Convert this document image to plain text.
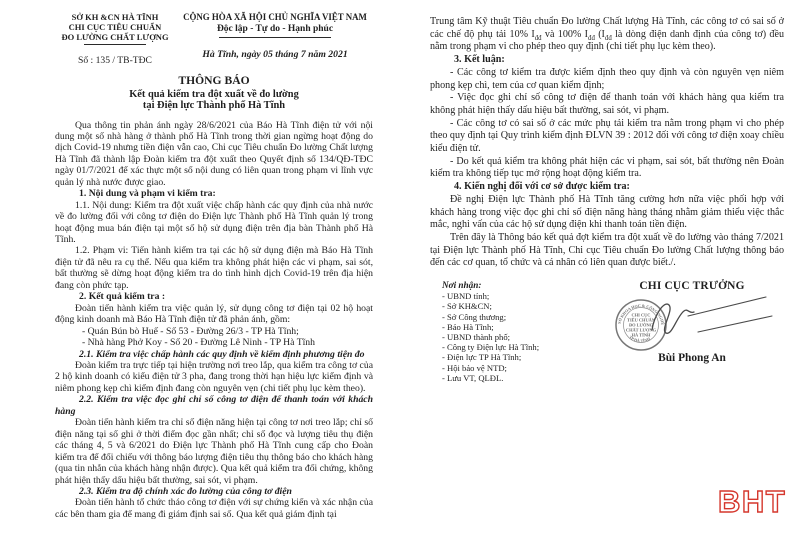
SỞ KH &CN HÀ TĨNH
CHI CỤC TIÊU CHUẨN
ĐO LƯỜNG CHẤT LƯỢNG
Số : 135 / TB-TĐC
CỘNG HÒA XÃ HỘI CHỦ NGHĨA VIỆT NAM
Độc lập - Tự do - Hạnh phúc
Hà Tĩnh, ngày 05 tháng 7 năm 2021
THÔNG BÁO
Kết quả kiểm tra đột xuất về đo lường
tại Điện lực Thành phố Hà Tĩnh

Qua thông tin phản ánh ngày 28/6/2021 của Báo Hà Tĩnh điện tử với nội dung một số nhà hàng ở thành phố Hà Tĩnh trong thời gian ngừng hoạt động do dịch Covid-19 nhưng tiền điện vẫn cao, Chi cục Tiêu chuẩn Đo lường Chất lượng Hà Tĩnh đã thành lập Đoàn kiểm tra đột xuất theo Quyết định số 134/QĐ-TĐC ngày 01/7/2021 để xác thực một số nội dung có liên quan trong phạm vi lĩnh vực quản lý nhà nước được giao.

1. Nội dung và phạm vi kiểm tra:

1.1. Nội dung: Kiểm tra đột xuất việc chấp hành các quy định của nhà nước về đo lường đối với công tơ điện do Điện lực Thành phố Hà Tĩnh quản lý trong hoạt động mua bán điện tại một số hộ sử dụng điện trên địa bàn Thành phố Hà Tĩnh.

1.2. Phạm vi: Tiến hành kiểm tra tại các hộ sử dụng điện mà Báo Hà Tĩnh điện tử đã nêu ra cụ thể. Nếu qua kiểm tra không phát hiện các vi phạm, sai sót, bất thường sẽ dừng hoạt động kiểm tra do tình hình dịch Covid-19 trên địa hiện đang còn phức tạp.

2. Kết quả kiểm tra :

Đoàn tiến hành kiểm tra việc quản lý, sử dụng công tơ điện tại 02 hộ hoạt động kinh doanh mà Báo Hà Tĩnh điện tử đã phản ánh, gồm:

- Quán Bún bò Huế - Số 53 - Đường 26/3 - TP Hà Tĩnh;

- Nhà hàng Phở Koy - Số 20 - Đường Lê Ninh - TP Hà Tĩnh

2.1. Kiểm tra việc chấp hành các quy định về kiểm định phương tiện đo

Đoàn kiểm tra trực tiếp tại hiện trường nơi treo lắp, qua kiểm tra công tơ của 2 hộ kinh doanh có kiểu điện tử 3 pha, đang trong thời hạn hiệu lực kiểm định và niêm phong kẹp chì kiểm định đang còn nguyên vẹn (chi tiết phụ lục kèm theo).

2.2. Kiểm tra việc đọc ghi chỉ số công tơ điện để thanh toán với khách hàng

Đoàn tiến hành kiểm tra chỉ số điện năng hiện tại công tơ nơi treo lắp; chỉ số điện năng tại số ghi ở thời điểm đọc gần nhất; chỉ số đọc và lượng tiêu thụ điện các tháng 4, 5 và 6/2021 do Điện lực Thành phố Hà Tĩnh cung cấp cho Đoàn kiểm tra để đối chiếu với thông báo lượng điện tiêu thụ thông báo cho khách hàng (qua tin nhắn của khách hàng nhận được). Qua kết quả kiểm tra đối chứng, không phát hiện thấy dấu hiệu bất thường, sai sót, vi phạm.

2.3. Kiểm tra độ chính xác đo lường của công tơ điện

Đoàn tiến hành tổ chức tháo công tơ điện với sự chứng kiến và xác nhận của các bên tham gia để mang đi giám định sai số. Qua kết quả giám định tại

Trung tâm Kỹ thuật Tiêu chuẩn Đo lường Chất lượng Hà Tĩnh, các công tơ có sai số ở các chế độ phụ tải 10% $I_{đđ}$ và 100% $I_{đđ}$ ($I_{đđ}$ là dòng điện danh định của công tơ) đều nằm trong phạm vi cho phép theo quy định (chi tiết phụ lục kèm theo).

3. Kết luận:

- Các công tơ kiểm tra được kiểm định theo quy định và còn nguyên vẹn niêm phong kẹp chì, tem của cơ quan kiểm định;

- Việc đọc ghi chỉ số công tơ điện để thanh toán với khách hàng qua kiểm tra không phát hiện thấy dấu hiệu bất thường, sai sót, vi phạm.

- Các công tơ có sai số ở các mức phụ tải kiểm tra nằm trong phạm vi cho phép theo quy định tại Quy trình kiểm định ĐLVN 39 : 2012 đối với công tơ điện xoay chiều kiểu điện tử.

- Do kết quả kiểm tra không phát hiện các vi phạm, sai sót, bất thường nên Đoàn kiểm tra không tiếp tục mở rộng hoạt động kiểm tra.

4. Kiến nghị đối với cơ sở được kiểm tra:

Đề nghị Điện lực Thành phố Hà Tĩnh tăng cường hơn nữa việc phối hợp với khách hàng trong việc đọc ghi chỉ số điện năng hàng tháng nhằm giảm thiểu việc thắc mắc, nghi vấn của các hộ sử dụng điện khi thanh toán tiền điện.

Trên đây là Thông báo kết quả đợt kiểm tra đột xuất về đo lường vào tháng 7/2021 tại Điện lực Thành phố Hà Tĩnh, Chi cục Tiêu chuẩn Đo lường Chất lượng thông báo đến các cơ quan, tổ chức và cá nhân có liên quan được biết./.

Nơi nhận:
- UBND tỉnh;
- Sở KH&CN;
- Sở Công thương;
- Báo Hà Tĩnh;
- UBND thành phố;
- Công ty Điện lực Hà Tĩnh;
- Điện lực TP Hà Tĩnh;
- Hội bảo vệ NTD;
- Lưu VT, QLĐL.
CHI CỤC TRƯỞNG
SỞ KHOA HỌC & CÔNG NGHỆ
TP HÀ TĨNH
CHI CỤC
TIÊU CHUẨN
ĐO LƯỜNG
CHẤT LƯỢNG
HÀ TĨNH
Bùi Phong An
BHT
